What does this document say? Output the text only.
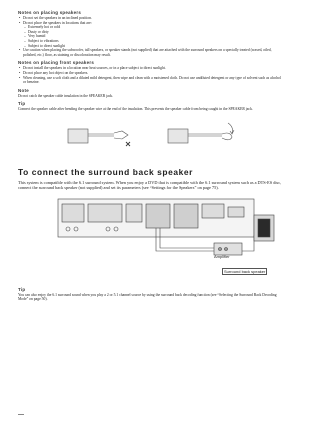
Notes on placing speakers
• Do not set the speakers in an inclined position.
• Do not place the speakers in locations that are:
– Extremely hot or cold
– Dusty or dirty
– Very humid
– Subject to vibrations
– Subject to direct sunlight
• Use caution when placing the subwoofer, tall speakers, or speaker stands (not supplied) that are attached with the surround speakers on a specially treated (waxed, oiled, polished, etc.) floor, as staining or discoloration may result.
Notes on placing front speakers
• Do not install the speakers in a location near heat sources, or in a place subject to direct sunlight.
• Do not place any hot object on the speakers.
• When cleaning, use a soft cloth and a diluted mild detergent, then wipe and clean with a moistened cloth. Do not use undiluted detergent or any type of solvent such as alcohol or benzine.
Note

Do not catch the speaker cable insulation in the SPEAKER jack.

Tip

Connect the speaker cable after bending the speaker wire at the end of the insulation. This prevents the speaker cable from being caught in the SPEAKER jack.

To connect the surround back speaker

This system is compatible with the 6.1 surround system. When you enjoy a DVD that is compatible with the 6.1 surround system such as a DTS-ES disc, connect the surround back speaker (not supplied) and set its parameters (see “Settings for the Speakers” on page 75).

Amplifier
Surround back speaker
Tip

You can also enjoy the 6.1 surround sound when you play a 2 or 5.1 channel source by using the surround back decoding function (see “Selecting the Surround Back Decoding Mode” on page 50).
